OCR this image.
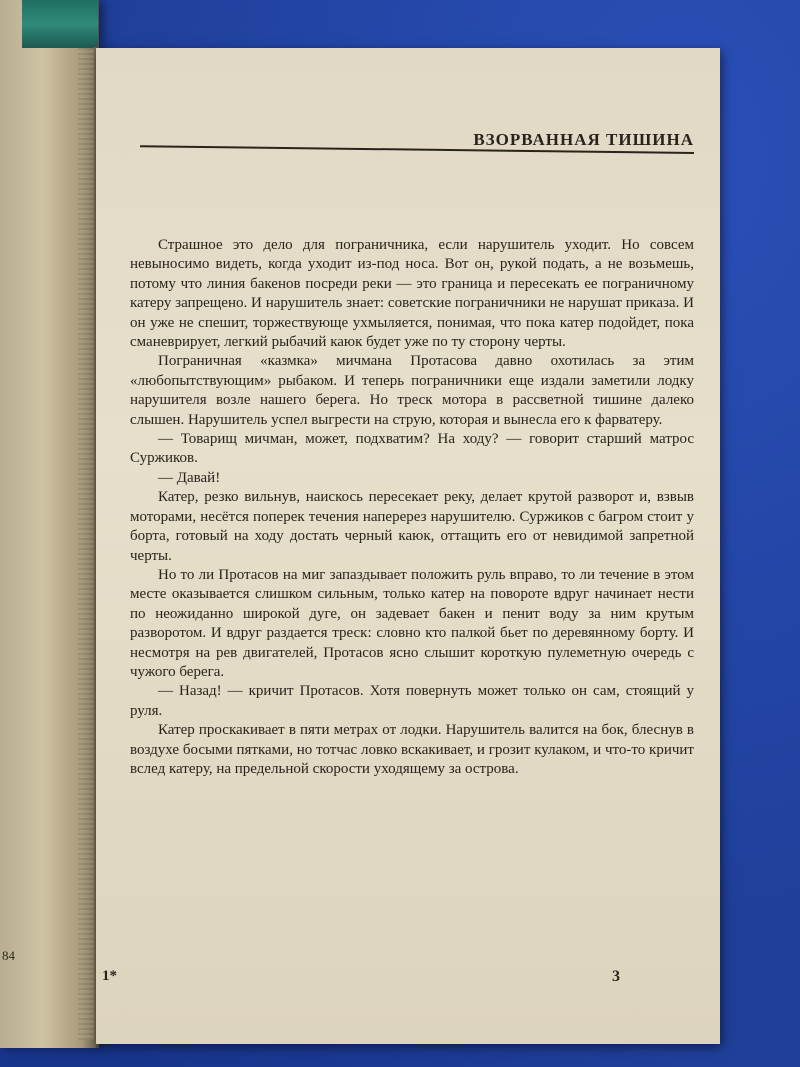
84
ВЗОРВАННАЯ ТИШИНА

Страшное это дело для пограничника, если нарушитель уходит. Но совсем невыносимо видеть, когда уходит из-под носа. Вот он, рукой подать, а не возьмешь, потому что линия бакенов посреди реки — это граница и пересекать ее пограничному катеру запрещено. И нарушитель знает: советские пограничники не нарушат приказа. И он уже не спешит, торжествующе ухмыляется, понимая, что пока катер подойдет, пока сманеврирует, легкий рыбачий каюк будет уже по ту сторону черты.

Пограничная «казмка» мичмана Протасова давно охотилась за этим «любопытствующим» рыбаком. И теперь пограничники еще издали заметили лодку нарушителя возле нашего берега. Но треск мотора в рассветной тишине далеко слышен. Нарушитель успел выгрести на струю, которая и вынесла его к фарватеру.

— Товарищ мичман, может, подхватим? На ходу? — говорит старший матрос Суржиков.

— Давай!

Катер, резко вильнув, наискось пересекает реку, делает крутой разворот и, взвыв моторами, несётся поперек течения наперерез нарушителю. Суржиков с багром стоит у борта, готовый на ходу достать черный каюк, оттащить его от невидимой запретной черты.

Но то ли Протасов на миг запаздывает положить руль вправо, то ли течение в этом месте оказывается слишком сильным, только катер на повороте вдруг начинает нести по неожиданно широкой дуге, он задевает бакен и пенит воду за ним крутым разворотом. И вдруг раздается треск: словно кто палкой бьет по деревянному борту. И несмотря на рев двигателей, Протасов ясно слышит короткую пулеметную очередь с чужого берега.

— Назад! — кричит Протасов. Хотя повернуть может только он сам, стоящий у руля.

Катер проскакивает в пяти метрах от лодки. Нарушитель валится на бок, блеснув в воздухе босыми пятками, но тотчас ловко вскакивает, и грозит кулаком, и что-то кричит вслед катеру, на предельной скорости уходящему за острова.

1*	3
